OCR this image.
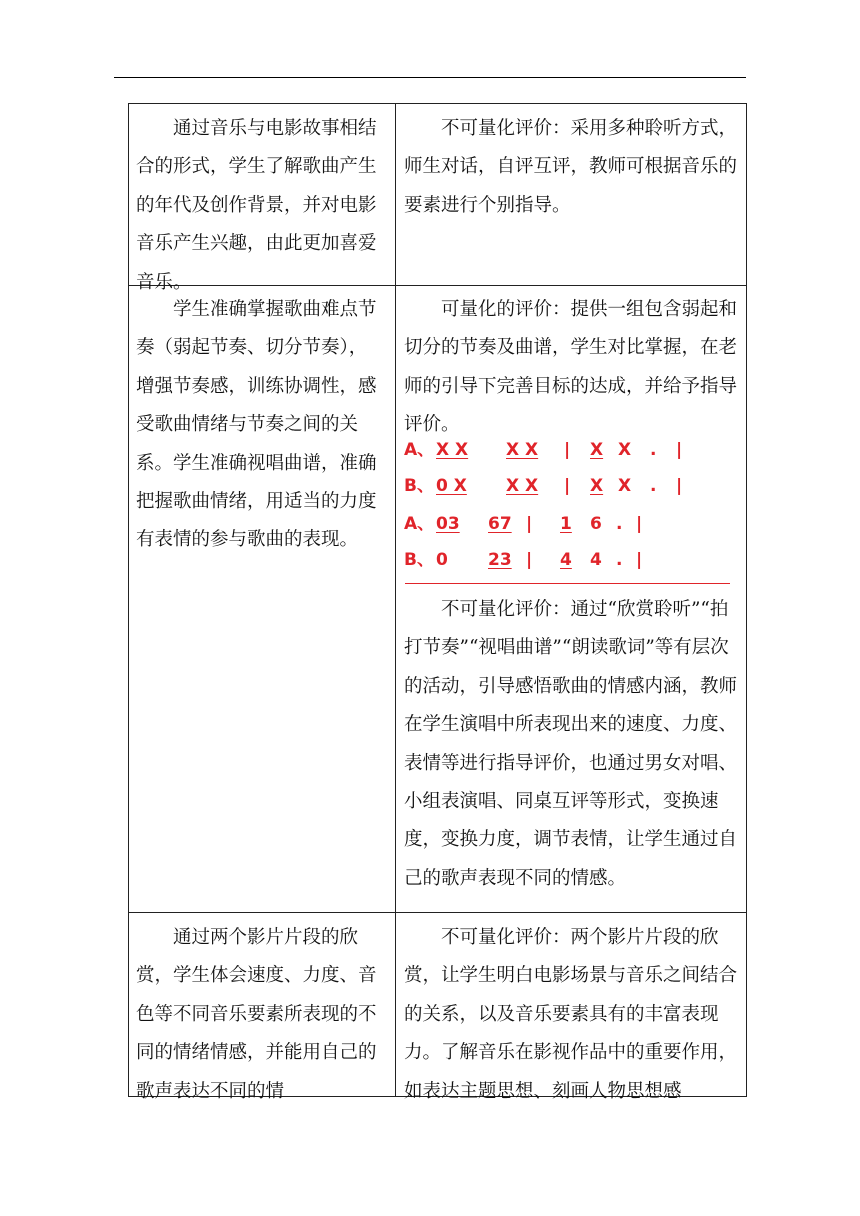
通过音乐与电影故事相结合的形式，学生了解歌曲产生的年代及创作背景，并对电影音乐产生兴趣，由此更加喜爱音乐。

不可量化评价：采用多种聆听方式，师生对话，自评互评，教师可根据音乐的要素进行个别指导。

学生准确掌握歌曲难点节奏（弱起节奏、切分节奏），增强节奏感，训练协调性，感受歌曲情绪与节奏之间的关系。学生准确视唱曲谱，准确把握歌曲情绪，用适当的力度有表情的参与歌曲的表现。

可量化的评价：提供一组包含弱起和切分的节奏及曲谱，学生对比掌握，在老师的引导下完善目标的达成，并给予指导评价。

A、 X X X X | X X . |
B、 0 X X X | X X . |
A、 03 67 | 1 6 . |
B、 0 23 | 4 4 . |

不可量化评价：通过“欣赏聆听”“拍打节奏”“视唱曲谱”“朗读歌词”等有层次的活动，引导感悟歌曲的情感内涵，教师在学生演唱中所表现出来的速度、力度、表情等进行指导评价，也通过男女对唱、小组表演唱、同桌互评等形式，变换速度，变换力度，调节表情，让学生通过自己的歌声表现不同的情感。

通过两个影片片段的欣赏，学生体会速度、力度、音色等不同音乐要素所表现的不同的情绪情感，并能用自己的歌声表达不同的情

不可量化评价：两个影片片段的欣赏，让学生明白电影场景与音乐之间结合的关系，以及音乐要素具有的丰富表现力。了解音乐在影视作品中的重要作用，如表达主题思想、刻画人物思想感
